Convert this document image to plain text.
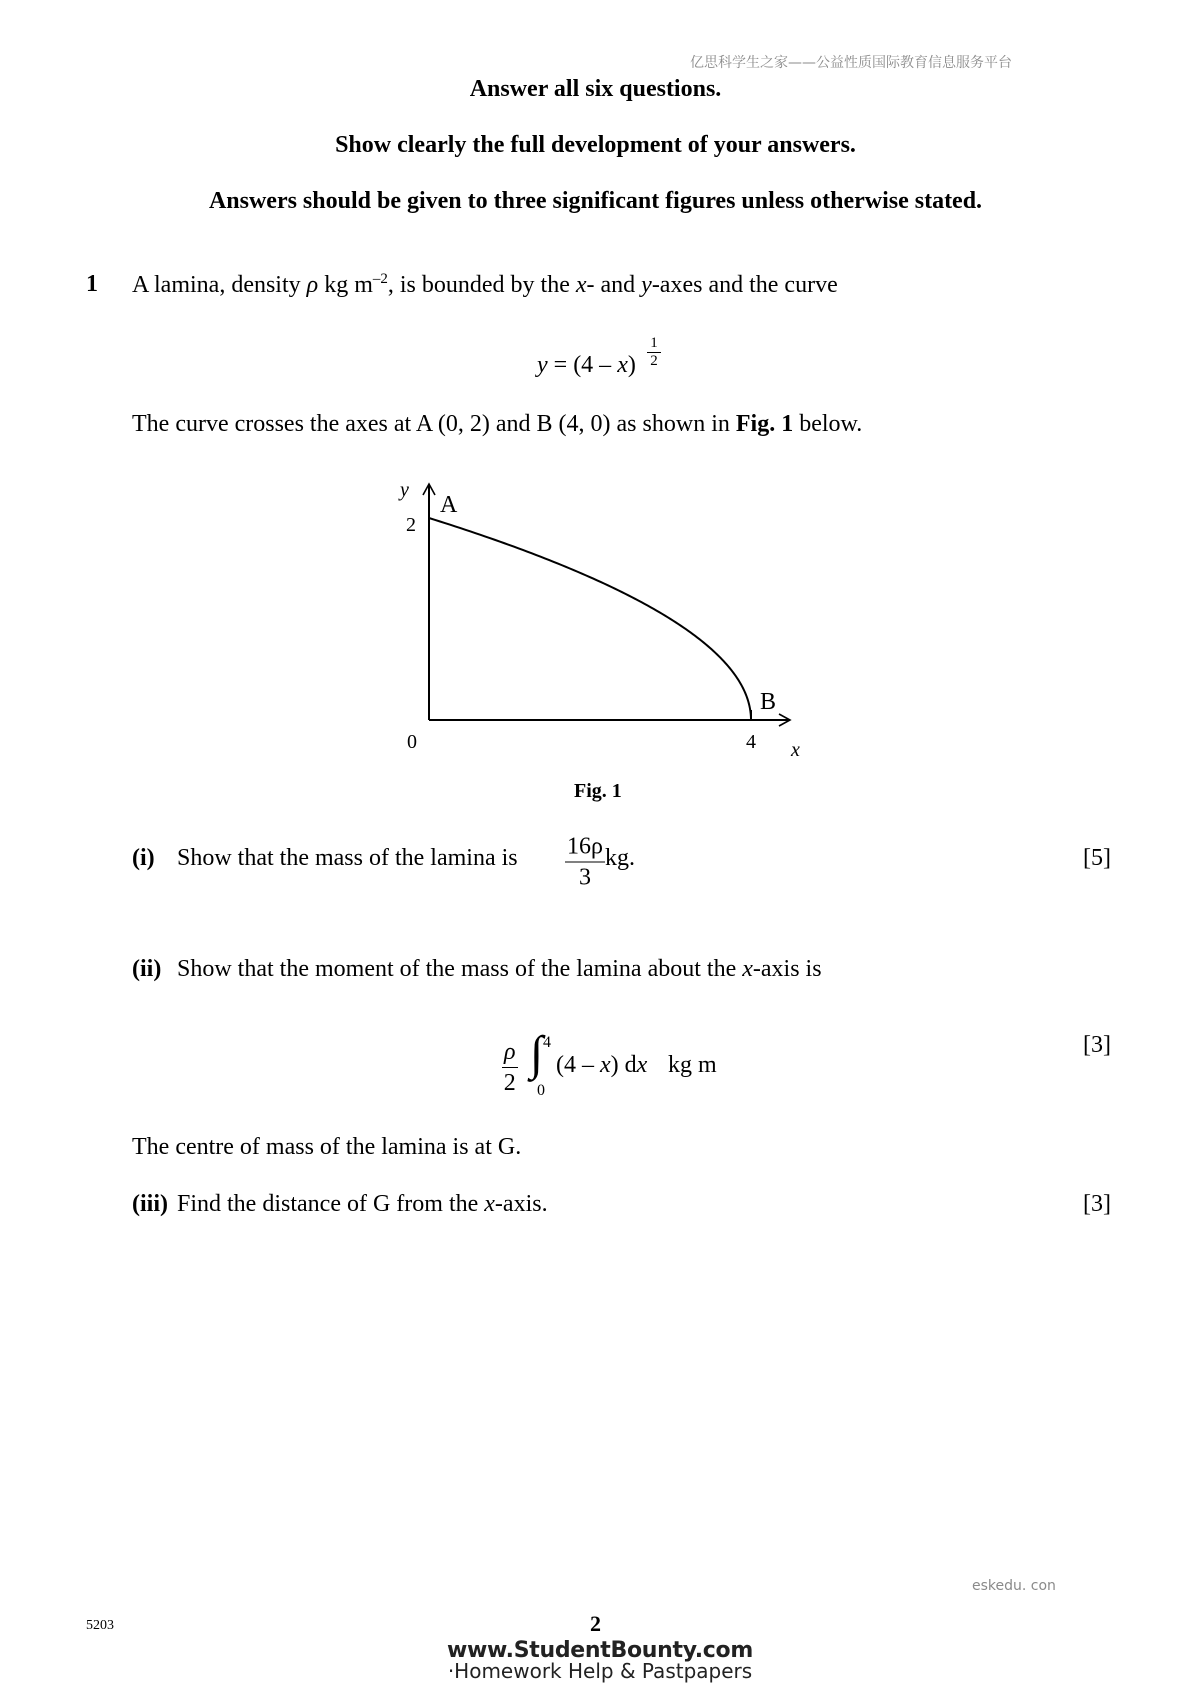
亿思科学生之家——公益性质国际教育信息服务平台
Answer all six questions.
Show clearly the full development of your answers.
Answers should be given to three significant figures unless otherwise stated.
1 A lamina, density ρ kg $m^{-2}$, is bounded by the x- and y-axes and the curve
y = (4 – x)
1
2
The curve crosses the axes at A (0, 2) and B (4, 0) as shown in Fig. 1 below.
y
A
2
B
0	4 x
Fig. 1
(i) Show that the mass of the lamina is $\frac{16\rho}{3}$ kg.	[5]
(ii) Show that the moment of the mass of the lamina about the x-axis is
$\frac{\rho}{2}$ ∫ 4
0
(4 – x) dx kg m
[3]
The centre of mass of the lamina is at G.
(iii) Find the distance of G from the x-axis.	[3]
eskedu. con
5203	2
www.StudentBounty.com
·Homework Help & Pastpapers
